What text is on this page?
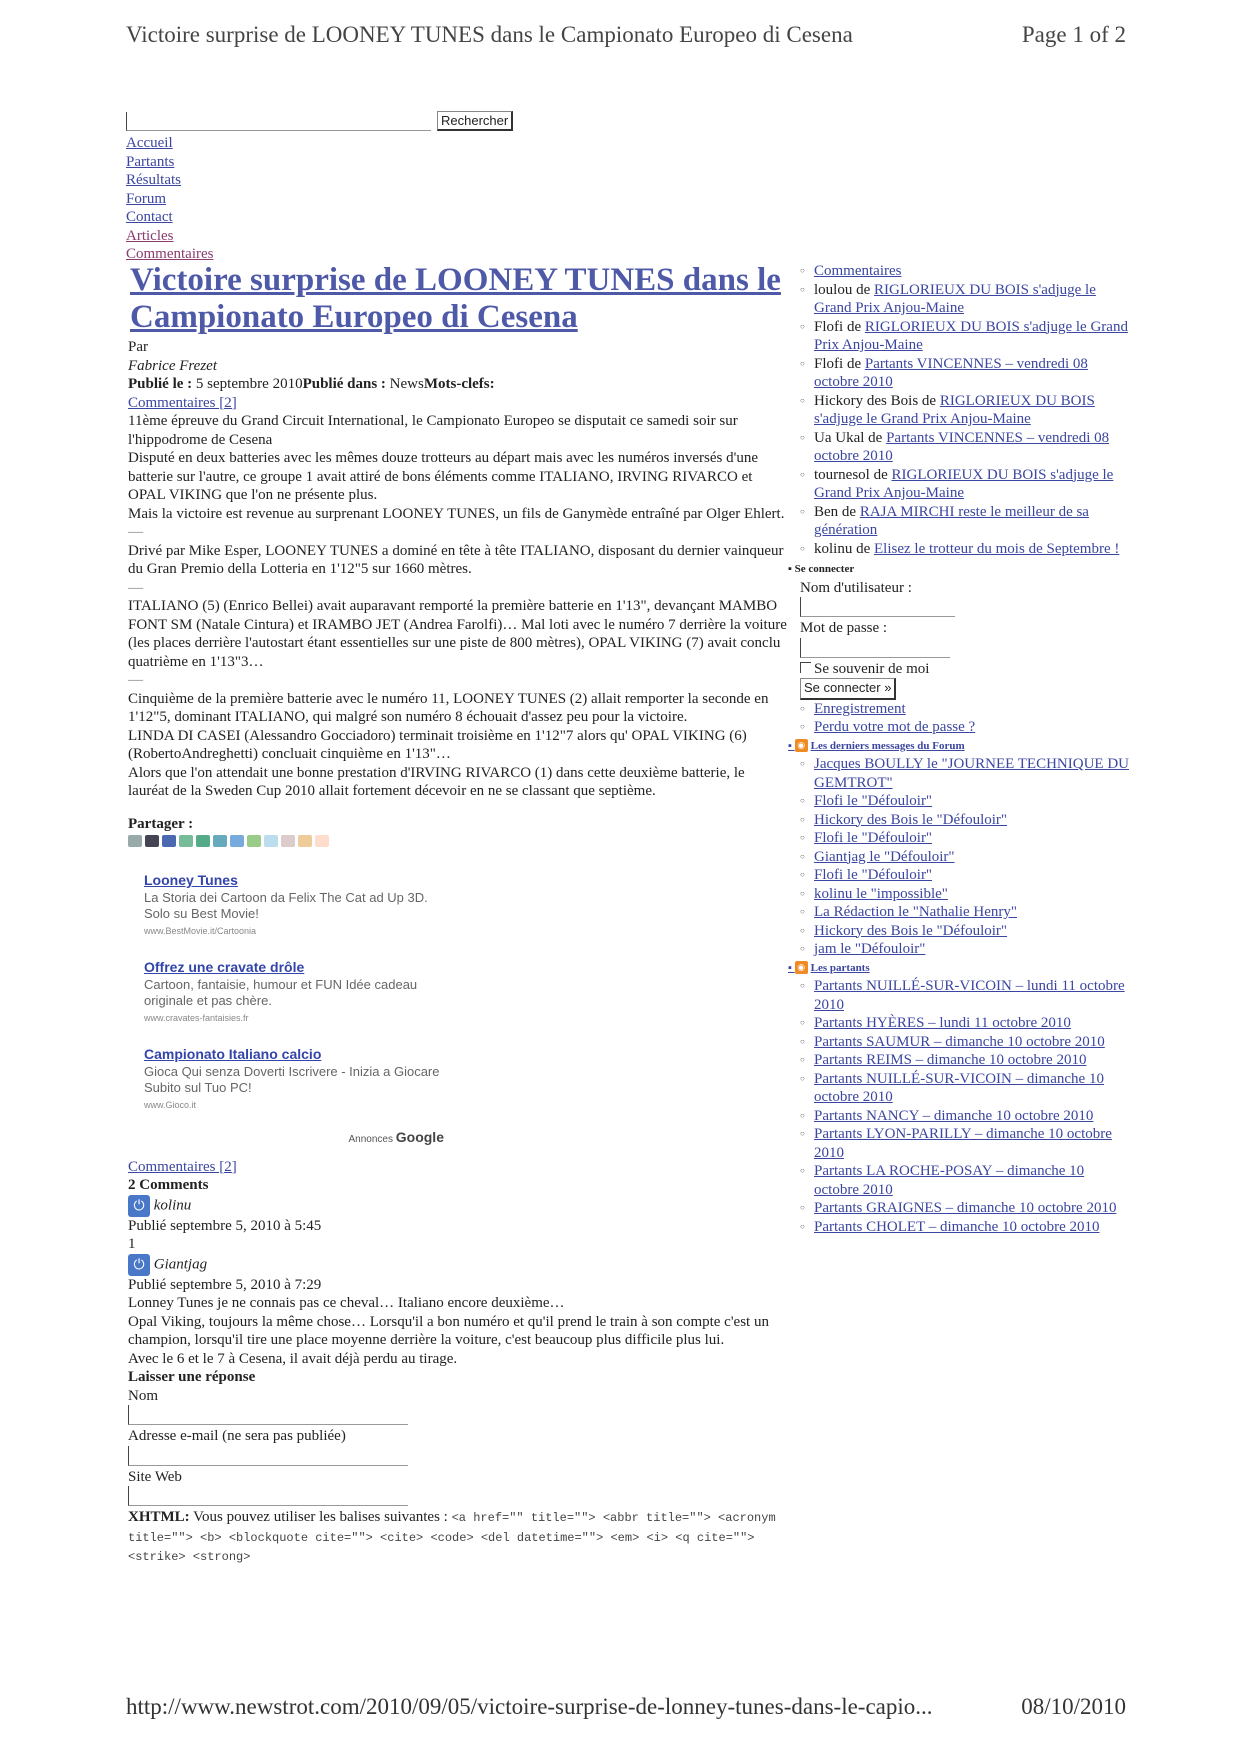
Victoire surprise de LOONEY TUNES dans le Campionato Europeo di Cesena	Page 1 of 2
Rechercher
Accueil
Partants
Résultats
Forum
Contact
Articles
Commentaires
Victoire surprise de LOONEY TUNES dans le Campionato Europeo di Cesena
Par
Fabrice Frezet
Publié le : 5 septembre 2010Publié dans : NewsMots-clefs:
Commentaires [2]
11ème épreuve du Grand Circuit International, le Campionato Europeo se disputait ce samedi soir sur l'hippodrome de Cesena
Disputé en deux batteries avec les mêmes douze trotteurs au départ mais avec les numéros inversés d'une batterie sur l'autre, ce groupe 1 avait attiré de bons éléments comme ITALIANO, IRVING RIVARCO et OPAL VIKING que l'on ne présente plus.
Mais la victoire est revenue au surprenant LOONEY TUNES, un fils de Ganymède entraîné par Olger Ehlert.
—
Drivé par Mike Esper, LOONEY TUNES a dominé en tête à tête ITALIANO, disposant du dernier vainqueur du Gran Premio della Lotteria en 1'12"5 sur 1660 mètres.
—
ITALIANO (5) (Enrico Bellei) avait auparavant remporté la première batterie en 1'13", devançant MAMBO FONT SM (Natale Cintura) et IRAMBO JET (Andrea Farolfi)… Mal loti avec le numéro 7 derrière la voiture (les places derrière l'autostart étant essentielles sur une piste de 800 mètres), OPAL VIKING (7) avait conclu quatrième en 1'13"3…
—
Cinquième de la première batterie avec le numéro 11, LOONEY TUNES (2) allait remporter la seconde en 1'12"5, dominant ITALIANO, qui malgré son numéro 8 échouait d'assez peu pour la victoire.
LINDA DI CASEI (Alessandro Gocciadoro) terminait troisième en 1'12"7 alors qu' OPAL VIKING (6) (RobertoAndreghetti) concluait cinquième en 1'13"…
Alors que l'on attendait une bonne prestation d'IRVING RIVARCO (1) dans cette deuxième batterie, le lauréat de la Sweden Cup 2010 allait fortement décevoir en ne se classant que septième.
Partager :
Looney Tunes
La Storia dei Cartoon da Felix The Cat ad Up 3D. Solo su Best Movie!
www.BestMovie.it/Cartoonia
Offrez une cravate drôle
Cartoon, fantaisie, humour et FUN Idée cadeau originale et pas chère.
www.cravates-fantaisies.fr
Campionato Italiano calcio
Gioca Qui senza Doverti Iscrivere - Inizia a Giocare Subito sul Tuo PC!
www.Gioco.it
Annonces Google
Commentaires [2]
2 Comments
⏻ kolinu
Publié septembre 5, 2010 à 5:45
1
⏻ Giantjag
Publié septembre 5, 2010 à 7:29
Lonney Tunes je ne connais pas ce cheval… Italiano encore deuxième…
Opal Viking, toujours la même chose… Lorsqu'il a bon numéro et qu'il prend le train à son compte c'est un champion, lorsqu'il tire une place moyenne derrière la voiture, c'est beaucoup plus difficile plus lui.
Avec le 6 et le 7 à Cesena, il avait déjà perdu au tirage.
Laisser une réponse
Nom
Adresse e-mail (ne sera pas publiée)
Site Web
XHTML: Vous pouvez utiliser les balises suivantes : <a href="" title=""> <abbr title=""> <acronym title=""> <b> <blockquote cite=""> <cite> <code> <del datetime=""> <em> <i> <q cite=""> <strike> <strong>
○ Commentaires
○ loulou de RIGLORIEUX DU BOIS s'adjuge le Grand Prix Anjou-Maine
○ Flofi de RIGLORIEUX DU BOIS s'adjuge le Grand Prix Anjou-Maine
○ Flofi de Partants VINCENNES – vendredi 08 octobre 2010
○ Hickory des Bois de RIGLORIEUX DU BOIS s'adjuge le Grand Prix Anjou-Maine
○ Ua Ukal de Partants VINCENNES – vendredi 08 octobre 2010
○ tournesol de RIGLORIEUX DU BOIS s'adjuge le Grand Prix Anjou-Maine
○ Ben de RAJA MIRCHI reste le meilleur de sa génération
○ kolinu de Elisez le trotteur du mois de Septembre !
▪ Se connecter
Nom d'utilisateur :
Mot de passe :
Se souvenir de moi
Se connecter »
○ Enregistrement
○ Perdu votre mot de passe ?
▪ ◉ Les derniers messages du Forum
○ Jacques BOULLY le "JOURNEE TECHNIQUE DU GEMTROT"
○ Flofi le "Défouloir"
○ Hickory des Bois le "Défouloir"
○ Flofi le "Défouloir"
○ Giantjag le "Défouloir"
○ Flofi le "Défouloir"
○ kolinu le "impossible"
○ La Rédaction le "Nathalie Henry"
○ Hickory des Bois le "Défouloir"
○ jam le "Défouloir"
▪ ◉ Les partants
○ Partants NUILLÉ-SUR-VICOIN – lundi 11 octobre 2010
○ Partants HYÈRES – lundi 11 octobre 2010
○ Partants SAUMUR – dimanche 10 octobre 2010
○ Partants REIMS – dimanche 10 octobre 2010
○ Partants NUILLÉ-SUR-VICOIN – dimanche 10 octobre 2010
○ Partants NANCY – dimanche 10 octobre 2010
○ Partants LYON-PARILLY – dimanche 10 octobre 2010
○ Partants LA ROCHE-POSAY – dimanche 10 octobre 2010
○ Partants GRAIGNES – dimanche 10 octobre 2010
○ Partants CHOLET – dimanche 10 octobre 2010
http://www.newstrot.com/2010/09/05/victoire-surprise-de-lonney-tunes-dans-le-capio...	08/10/2010
